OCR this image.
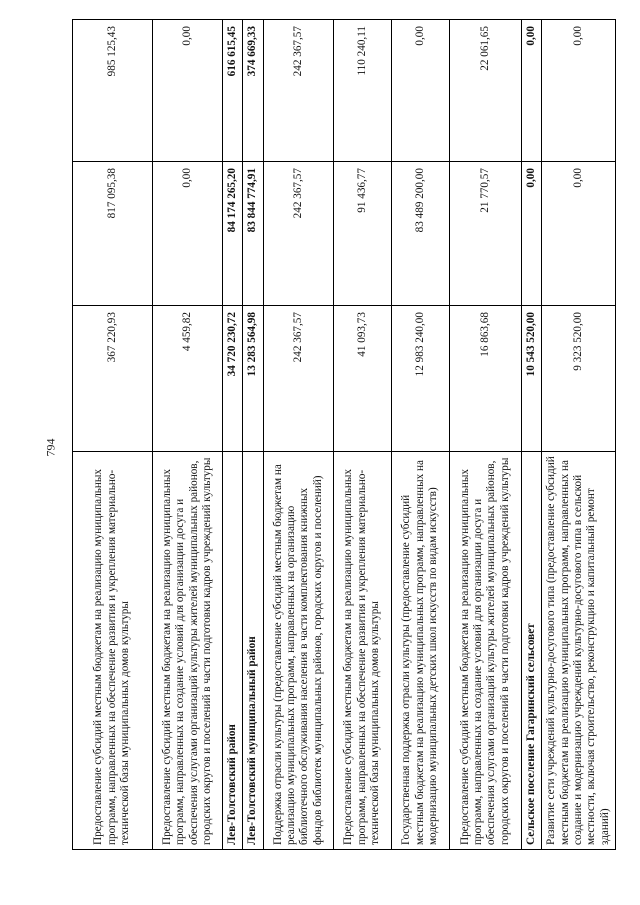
794
Предоставление субсидий местным бюджетам на реализацию муниципальных программ, направленных на обеспечение развития и укрепления материально-технической базы муниципальных домов культуры	367 220,93	817 095,38	985 125,43
Предоставление субсидий местным бюджетам на реализацию муниципальных программ, направленных на создание условий для организации досуга и обеспечения услугами организаций культуры жителей муниципальных районов, городских округов и поселений в части подготовки кадров учреждений культуры	4 459,82	0,00	0,00
Лев-Толстовский район	34 720 230,72	84 174 265,20	616 615,45
Лев-Толстовский муниципальный район	13 283 564,98	83 844 774,91	374 669,33
Поддержка отрасли культуры (предоставление субсидий местным бюджетам на реализацию муниципальных программ, направленных на организацию библиотечного обслуживания населения в части комплектования книжных фондов библиотек муниципальных районов, городских округов и поселений)	242 367,57	242 367,57	242 367,57
Предоставление субсидий местным бюджетам на реализацию муниципальных программ, направленных на обеспечение развития и укрепления материально-технической базы муниципальных домов культуры	41 093,73	91 436,77	110 240,11
Государственная поддержка отрасли культуры (предоставление субсидий местным бюджетам на реализацию муниципальных программ, направленных на модернизацию муниципальных детских школ искусств по видам искусств)	12 983 240,00	83 489 200,00	0,00
Предоставление субсидий местным бюджетам на реализацию муниципальных программ, направленных на создание условий для организации досуга и обеспечения услугами организаций культуры жителей муниципальных районов, городских округов и поселений в части подготовки кадров учреждений культуры	16 863,68	21 770,57	22 061,65
Сельское поселение Гагаринский сельсовет	10 543 520,00	0,00	0,00
Развитие сети учреждений культурно-досугового типа (предоставление субсидий местным бюджетам на реализацию муниципальных программ, направленных на создание и модернизацию учреждений культурно-досугового типа в сельской местности, включая строительство, реконструкцию и капитальный ремонт зданий)	9 323 520,00	0,00	0,00
